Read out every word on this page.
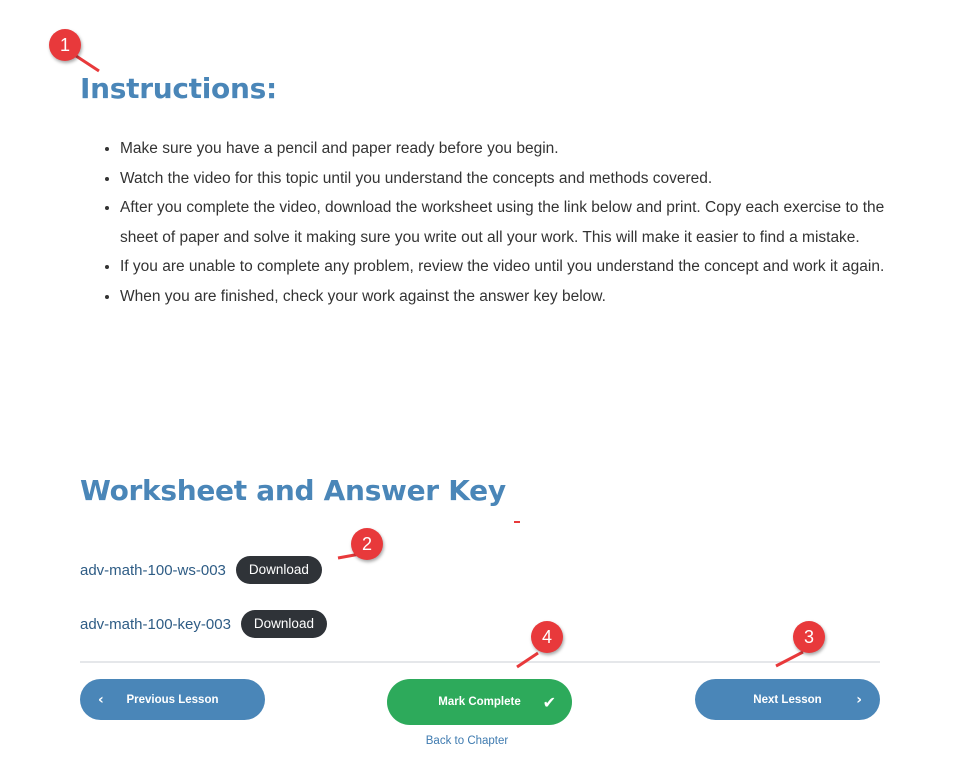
Instructions:
• Make sure you have a pencil and paper ready before you begin.
• Watch the video for this topic until you understand the concepts and methods covered.
• After you complete the video, download the worksheet using the link below and print. Copy each exercise to the sheet of paper and solve it making sure you write out all your work. This will make it easier to find a mistake.
• If you are unable to complete any problem, review the video until you understand the concept and work it again.
• When you are finished, check your work against the answer key below.
Worksheet and Answer Key
adv-math-100-ws-003	Download
adv-math-100-key-003	Download
‹ Previous Lesson	Mark Complete ✔	Next Lesson ›
Back to Chapter
1
2
3
4
